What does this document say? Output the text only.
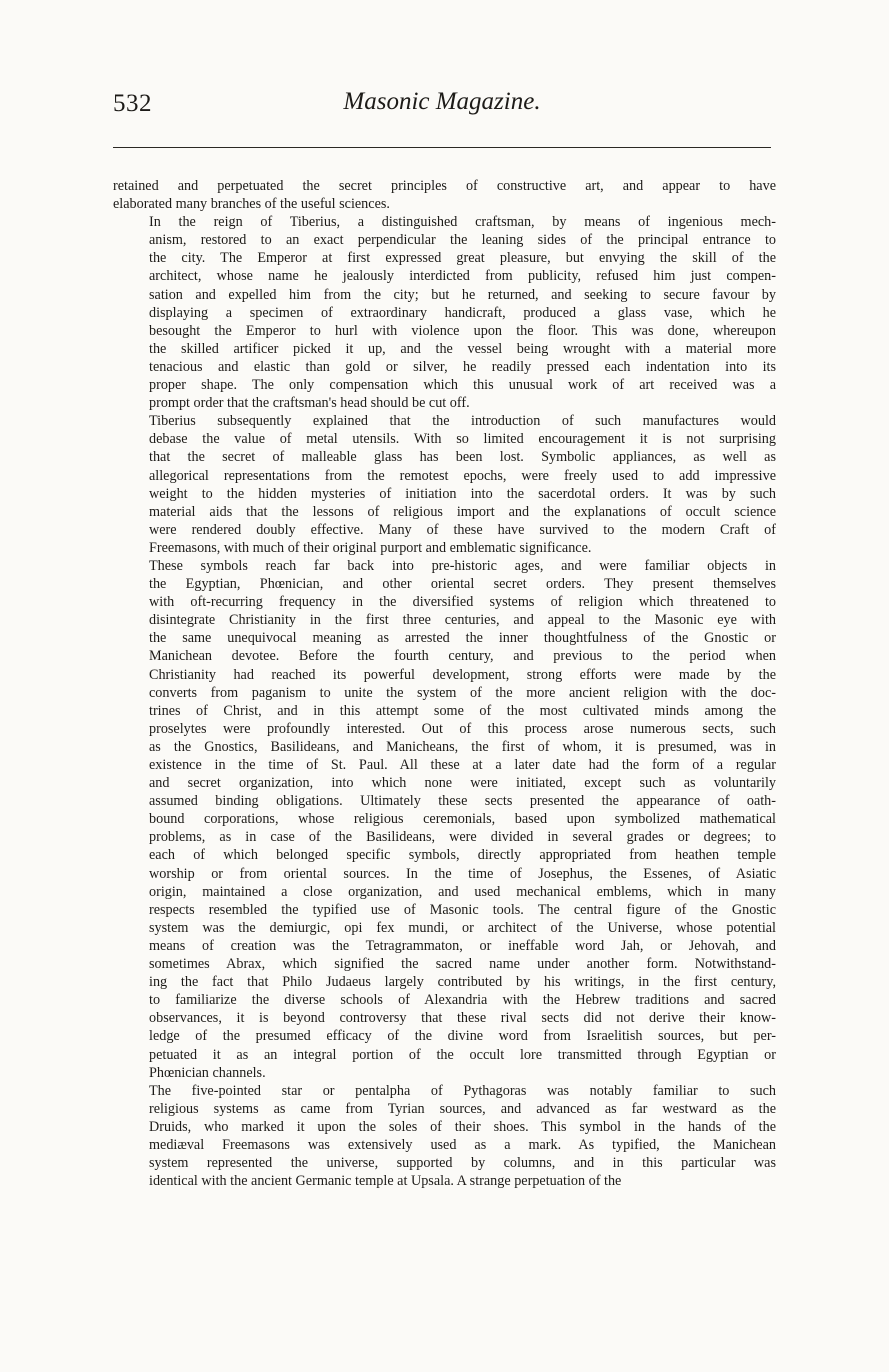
532	Masonic Magazine.
retained and perpetuated the secret principles of constructive art, and appear to have
elaborated many branches of the useful sciences.
In the reign of Tiberius, a distinguished craftsman, by means of ingenious mech-
anism, restored to an exact perpendicular the leaning sides of the principal entrance to
the city. The Emperor at first expressed great pleasure, but envying the skill of the
architect, whose name he jealously interdicted from publicity, refused him just compen-
sation and expelled him from the city; but he returned, and seeking to secure favour by
displaying a specimen of extraordinary handicraft, produced a glass vase, which he
besought the Emperor to hurl with violence upon the floor. This was done, whereupon
the skilled artificer picked it up, and the vessel being wrought with a material more
tenacious and elastic than gold or silver, he readily pressed each indentation into its
proper shape. The only compensation which this unusual work of art received was a
prompt order that the craftsman's head should be cut off.
Tiberius subsequently explained that the introduction of such manufactures would
debase the value of metal utensils. With so limited encouragement it is not surprising
that the secret of malleable glass has been lost. Symbolic appliances, as well as
allegorical representations from the remotest epochs, were freely used to add impressive
weight to the hidden mysteries of initiation into the sacerdotal orders. It was by such
material aids that the lessons of religious import and the explanations of occult science
were rendered doubly effective. Many of these have survived to the modern Craft of
Freemasons, with much of their original purport and emblematic significance.
These symbols reach far back into pre-historic ages, and were familiar objects in
the Egyptian, Phœnician, and other oriental secret orders. They present themselves
with oft-recurring frequency in the diversified systems of religion which threatened to
disintegrate Christianity in the first three centuries, and appeal to the Masonic eye with
the same unequivocal meaning as arrested the inner thoughtfulness of the Gnostic or
Manichean devotee. Before the fourth century, and previous to the period when
Christianity had reached its powerful development, strong efforts were made by the
converts from paganism to unite the system of the more ancient religion with the doc-
trines of Christ, and in this attempt some of the most cultivated minds among the
proselytes were profoundly interested. Out of this process arose numerous sects, such
as the Gnostics, Basilideans, and Manicheans, the first of whom, it is presumed, was in
existence in the time of St. Paul. All these at a later date had the form of a regular
and secret organization, into which none were initiated, except such as voluntarily
assumed binding obligations. Ultimately these sects presented the appearance of oath-
bound corporations, whose religious ceremonials, based upon symbolized mathematical
problems, as in case of the Basilideans, were divided in several grades or degrees; to
each of which belonged specific symbols, directly appropriated from heathen temple
worship or from oriental sources. In the time of Josephus, the Essenes, of Asiatic
origin, maintained a close organization, and used mechanical emblems, which in many
respects resembled the typified use of Masonic tools. The central figure of the Gnostic
system was the demiurgic, opi fex mundi, or architect of the Universe, whose potential
means of creation was the Tetragrammaton, or ineffable word Jah, or Jehovah, and
sometimes Abrax, which signified the sacred name under another form. Notwithstand-
ing the fact that Philo Judaeus largely contributed by his writings, in the first century,
to familiarize the diverse schools of Alexandria with the Hebrew traditions and sacred
observances, it is beyond controversy that these rival sects did not derive their know-
ledge of the presumed efficacy of the divine word from Israelitish sources, but per-
petuated it as an integral portion of the occult lore transmitted through Egyptian or
Phœnician channels.
The five-pointed star or pentalpha of Pythagoras was notably familiar to such
religious systems as came from Tyrian sources, and advanced as far westward as the
Druids, who marked it upon the soles of their shoes. This symbol in the hands of the
mediæval Freemasons was extensively used as a mark. As typified, the Manichean
system represented the universe, supported by columns, and in this particular was
identical with the ancient Germanic temple at Upsala. A strange perpetuation of the
